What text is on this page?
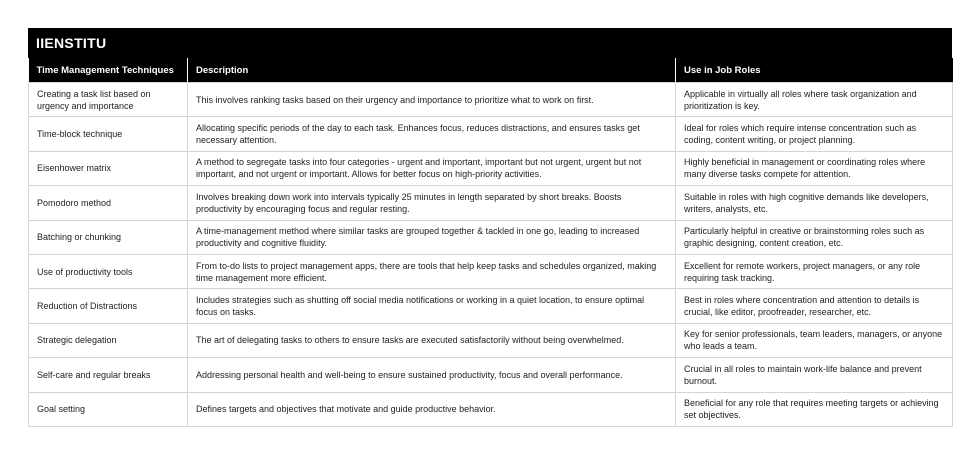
IIENSTITU
Time Management Techniques	Description	Use in Job Roles
Creating a task list based on urgency and importance	This involves ranking tasks based on their urgency and importance to prioritize what to work on first.	Applicable in virtually all roles where task organization and prioritization is key.
Time-block technique	Allocating specific periods of the day to each task. Enhances focus, reduces distractions, and ensures tasks get necessary attention.	Ideal for roles which require intense concentration such as coding, content writing, or project planning.
Eisenhower matrix	A method to segregate tasks into four categories - urgent and important, important but not urgent, urgent but not important, and not urgent or important. Allows for better focus on high-priority activities.	Highly beneficial in management or coordinating roles where many diverse tasks compete for attention.
Pomodoro method	Involves breaking down work into intervals typically 25 minutes in length separated by short breaks. Boosts productivity by encouraging focus and regular resting.	Suitable in roles with high cognitive demands like developers, writers, analysts, etc.
Batching or chunking	A time-management method where similar tasks are grouped together & tackled in one go, leading to increased productivity and cognitive fluidity.	Particularly helpful in creative or brainstorming roles such as graphic designing, content creation, etc.
Use of productivity tools	From to-do lists to project management apps, there are tools that help keep tasks and schedules organized, making time management more efficient.	Excellent for remote workers, project managers, or any role requiring task tracking.
Reduction of Distractions	Includes strategies such as shutting off social media notifications or working in a quiet location, to ensure optimal focus on tasks.	Best in roles where concentration and attention to details is crucial, like editor, proofreader, researcher, etc.
Strategic delegation	The art of delegating tasks to others to ensure tasks are executed satisfactorily without being overwhelmed.	Key for senior professionals, team leaders, managers, or anyone who leads a team.
Self-care and regular breaks	Addressing personal health and well-being to ensure sustained productivity, focus and overall performance.	Crucial in all roles to maintain work-life balance and prevent burnout.
Goal setting	Defines targets and objectives that motivate and guide productive behavior.	Beneficial for any role that requires meeting targets or achieving set objectives.
